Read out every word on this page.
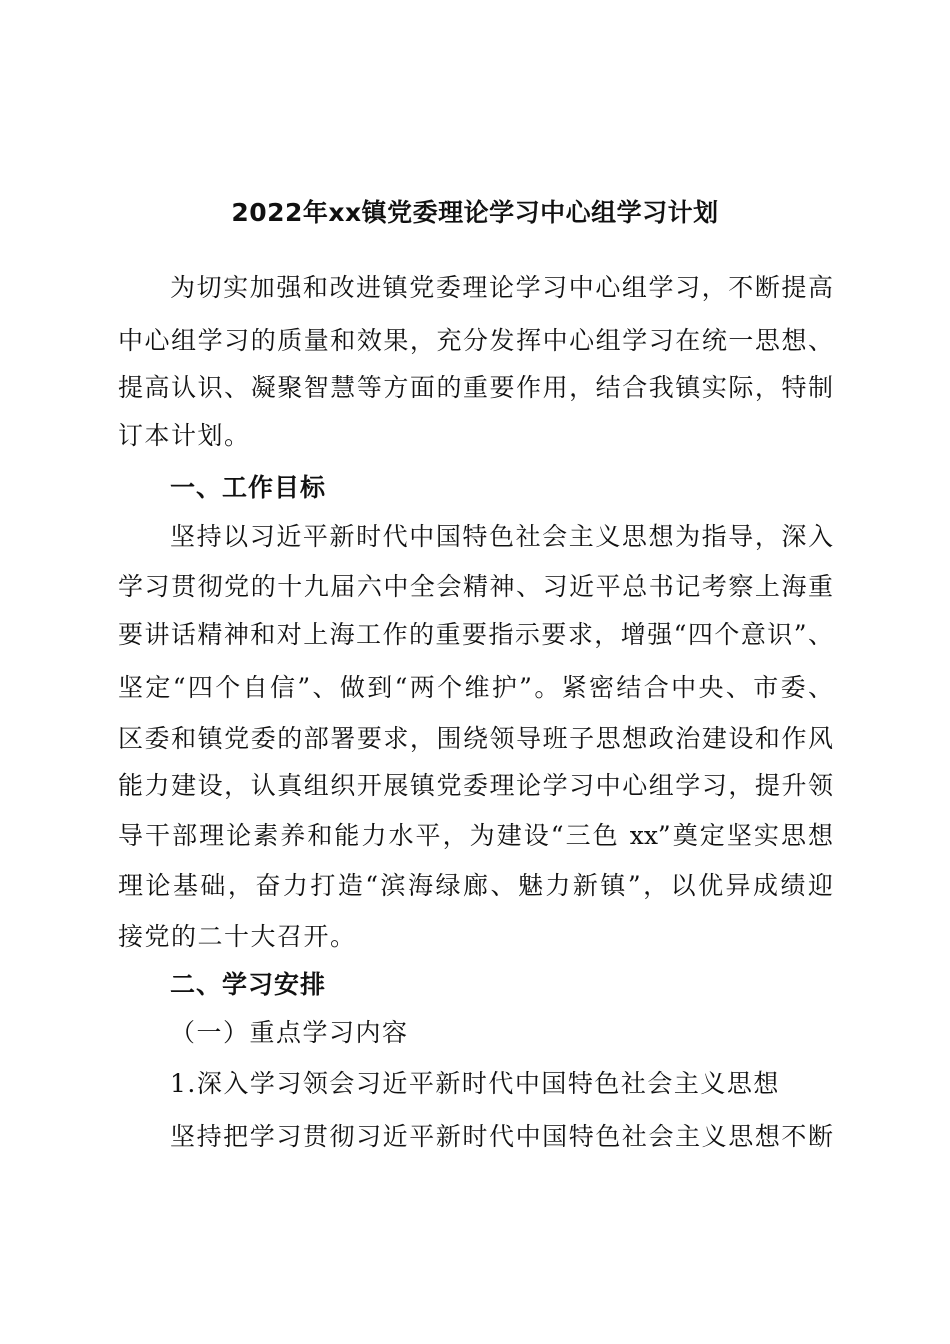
2022年xx镇党委理论学习中心组学习计划
为切实加强和改进镇党委理论学习中心组学习，不断提高
中心组学习的质量和效果，充分发挥中心组学习在统一思想、
提高认识、凝聚智慧等方面的重要作用，结合我镇实际，特制
订本计划。
一、工作目标
坚持以习近平新时代中国特色社会主义思想为指导，深入
学习贯彻党的十九届六中全会精神、习近平总书记考察上海重
要讲话精神和对上海工作的重要指示要求，增强“四个意识”、
坚定“四个自信”、做到“两个维护”。紧密结合中央、市委、
区委和镇党委的部署要求，围绕领导班子思想政治建设和作风
能力建设，认真组织开展镇党委理论学习中心组学习，提升领
导干部理论素养和能力水平，为建设“三色 xx”奠定坚实思想
理论基础，奋力打造“滨海绿廊、魅力新镇”，以优异成绩迎
接党的二十大召开。
二、学习安排
（一）重点学习内容
1.深入学习领会习近平新时代中国特色社会主义思想
坚持把学习贯彻习近平新时代中国特色社会主义思想不断
